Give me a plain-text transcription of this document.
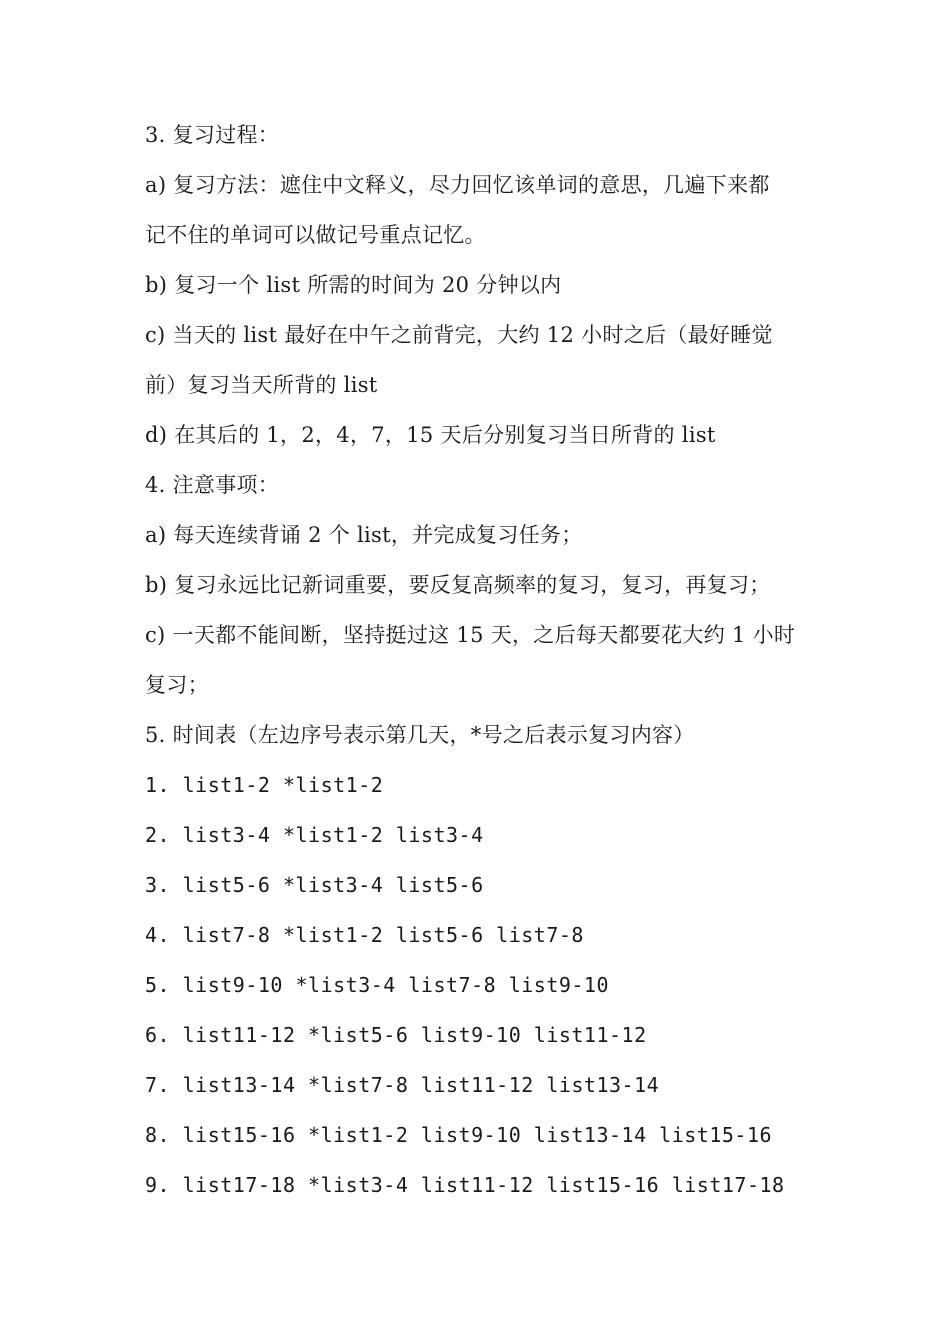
3. 复习过程：
a) 复习方法：遮住中文释义，尽力回忆该单词的意思，几遍下来都
记不住的单词可以做记号重点记忆。
b) 复习一个 list 所需的时间为 20 分钟以内
c) 当天的 list 最好在中午之前背完，大约 12 小时之后（最好睡觉
前）复习当天所背的 list
d) 在其后的 1，2，4，7，15 天后分别复习当日所背的 list
4. 注意事项：
a) 每天连续背诵 2 个 list，并完成复习任务；
b) 复习永远比记新词重要，要反复高频率的复习，复习，再复习；
c) 一天都不能间断，坚持挺过这 15 天，之后每天都要花大约 1 小时
复习；
5. 时间表（左边序号表示第几天，*号之后表示复习内容）
1. list1-2 *list1-2
2. list3-4 *list1-2 list3-4
3. list5-6 *list3-4 list5-6
4. list7-8 *list1-2 list5-6 list7-8
5. list9-10 *list3-4 list7-8 list9-10
6. list11-12 *list5-6 list9-10 list11-12
7. list13-14 *list7-8 list11-12 list13-14
8. list15-16 *list1-2 list9-10 list13-14 list15-16
9. list17-18 *list3-4 list11-12 list15-16 list17-18
